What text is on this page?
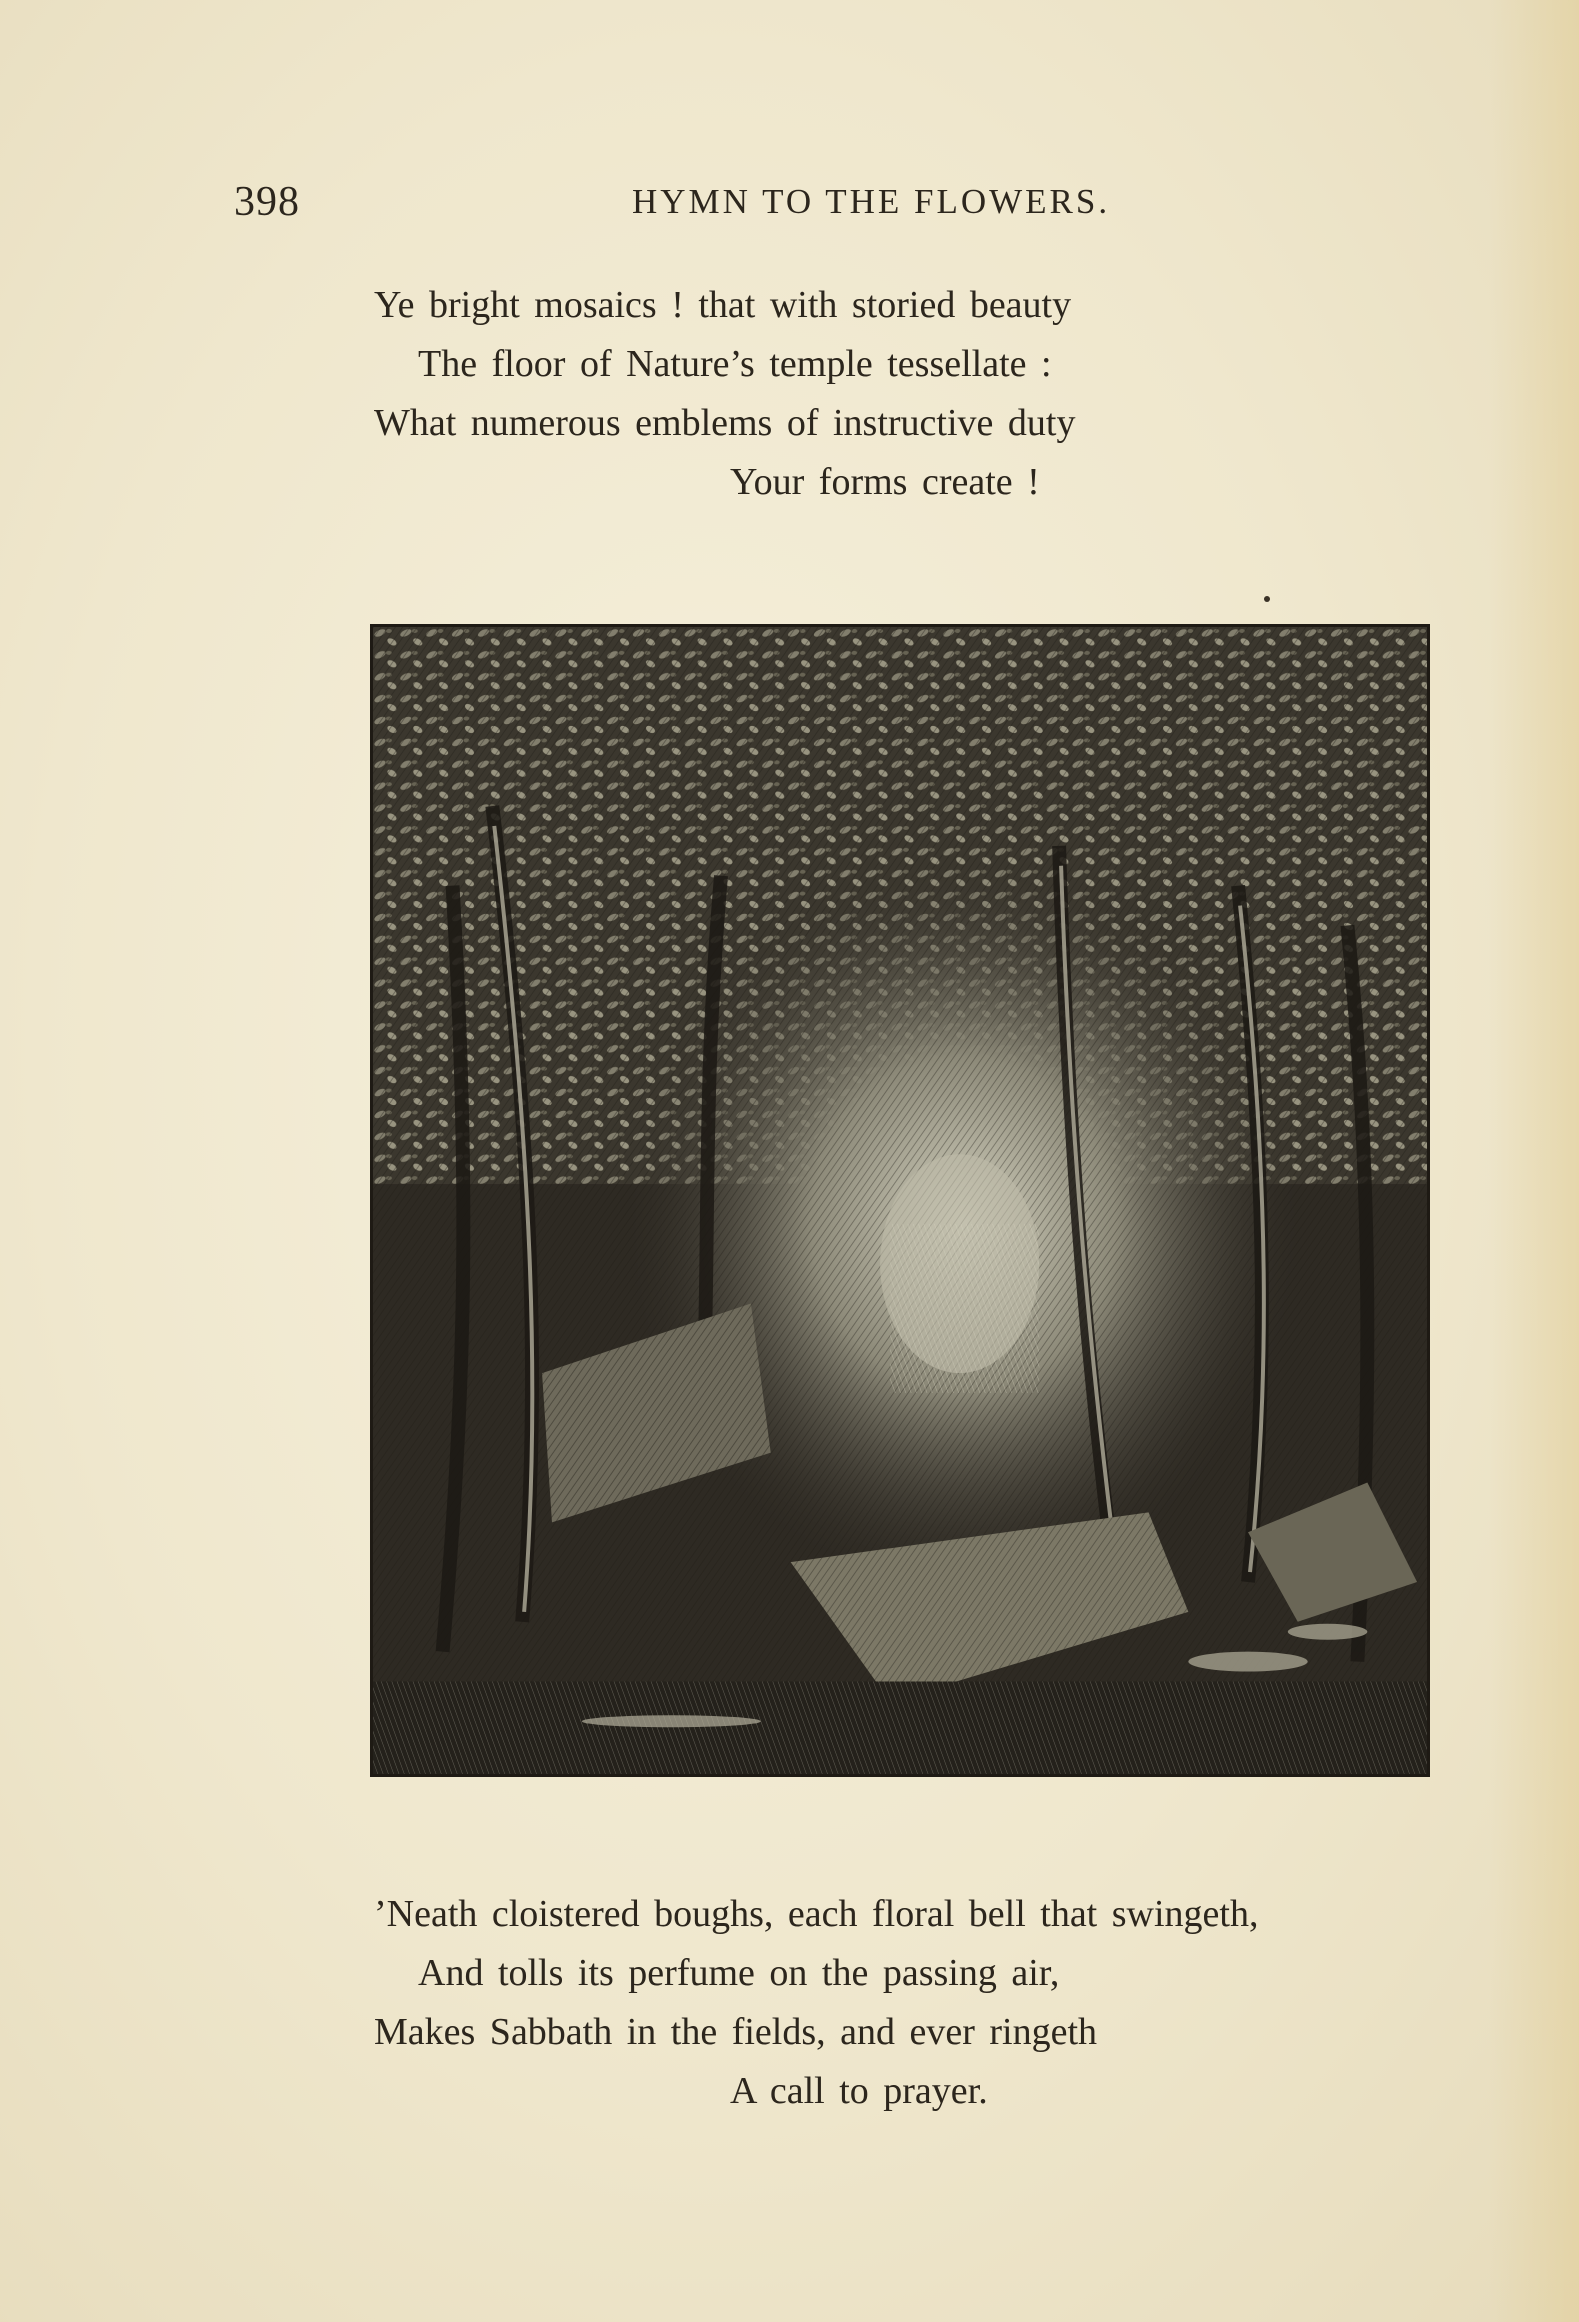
398	HYMN TO THE FLOWERS.
Ye bright mosaics ! that with storied beauty
The floor of Nature’s temple tessellate :
What numerous emblems of instructive duty
Your forms create !
’Neath cloistered boughs, each floral bell that swingeth,
And tolls its perfume on the passing air,
Makes Sabbath in the fields, and ever ringeth
A call to prayer.
